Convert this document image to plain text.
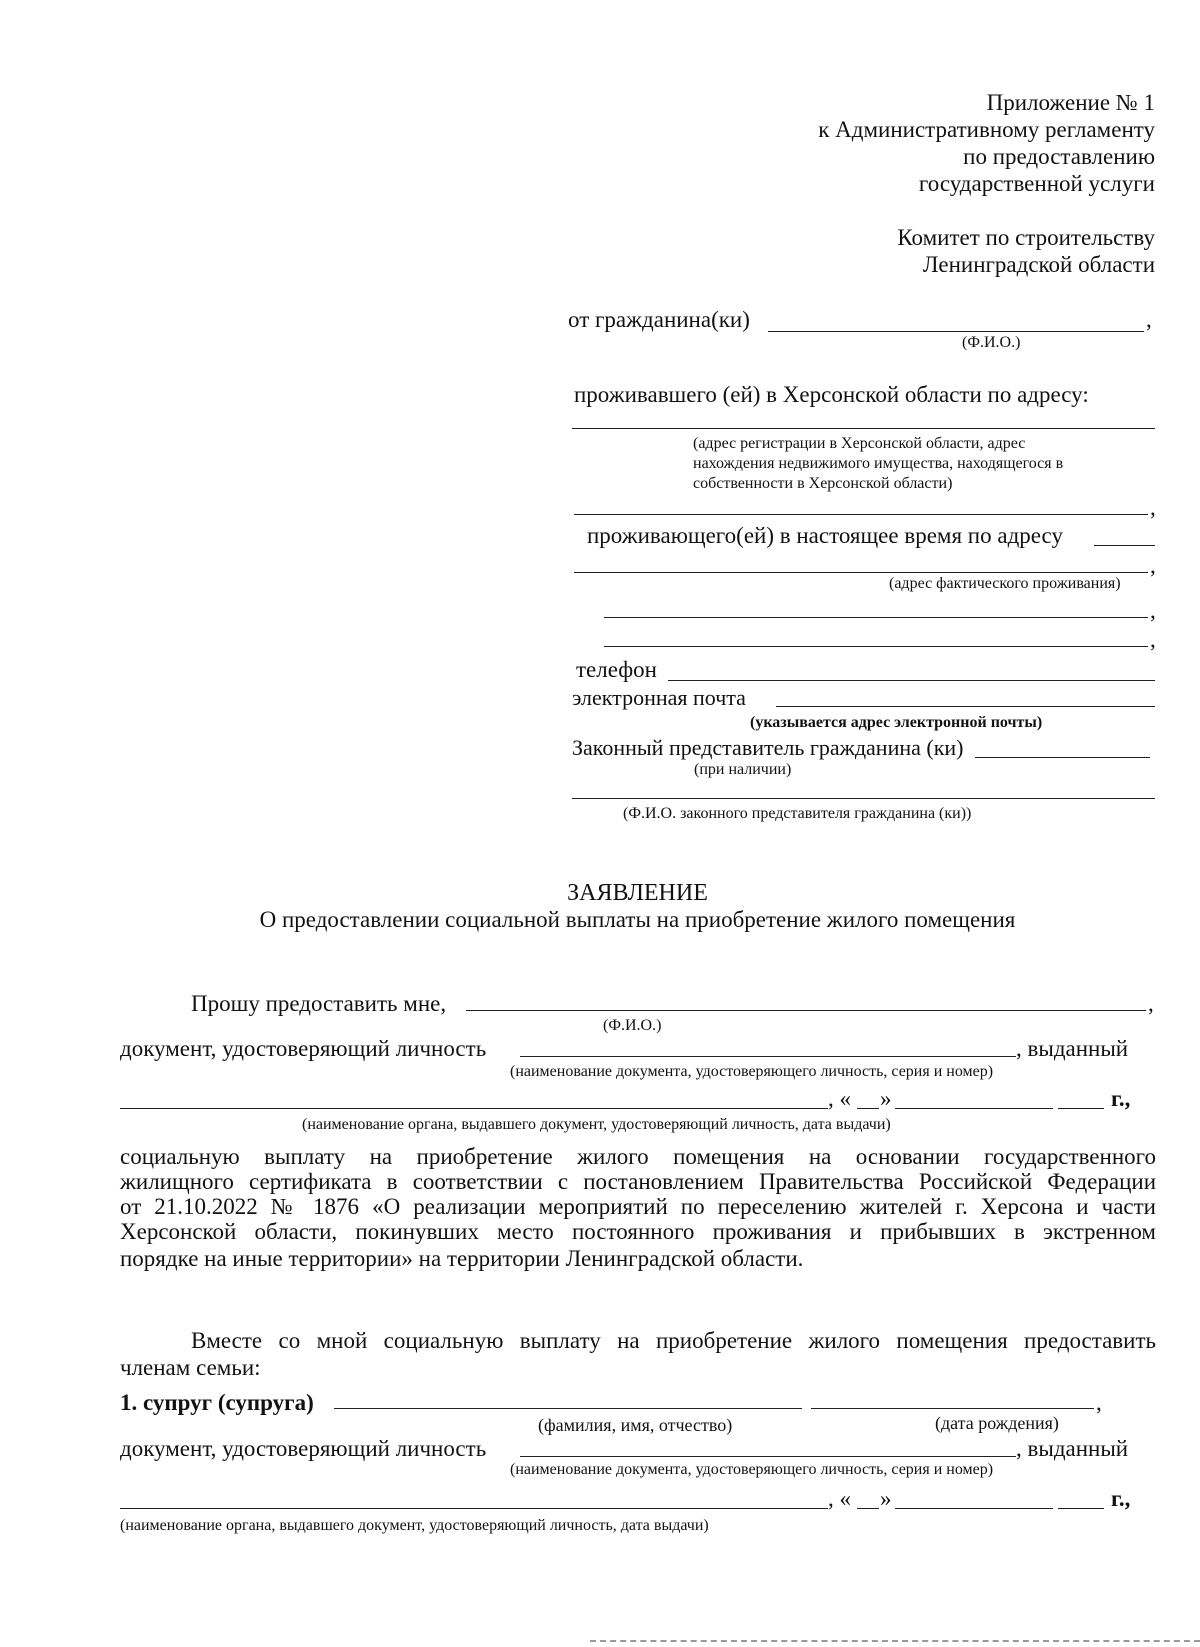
Приложение № 1
к Административному регламенту
по предоставлению
государственной услуги
Комитет по строительству
Ленинградской области
от гражданина(ки)	,
(Ф.И.О.)
проживавшего (ей) в Херсонской области по адресу:
(адрес регистрации в Херсонской области, адрес
нахождения недвижимого имущества, находящегося в
собственности в Херсонской области)
,
проживающего(ей) в настоящее время по адресу
,
(адрес фактического проживания)
,
,
телефон
электронная почта
(указывается адрес электронной почты)
Законный представитель гражданина (ки)
(при наличии)
(Ф.И.О. законного представителя гражданина (ки))
ЗАЯВЛЕНИЕ
О предоставлении социальной выплаты на приобретение жилого помещения
Прошу предоставить мне,	,
(Ф.И.О.)
документ, удостоверяющий личность	, выданный
(наименование документа, удостоверяющего личность, серия и номер)
, « »	г.,
(наименование органа, выдавшего документ, удостоверяющий личность, дата выдачи)
социальную выплату на приобретение жилого помещения на основании государственного
жилищного сертификата в соответствии с постановлением Правительства Российской Федерации
от 21.10.2022 № 1876 «О реализации мероприятий по переселению жителей г. Херсона и части
Херсонской области, покинувших место постоянного проживания и прибывших в экстренном
порядке на иные территории» на территории Ленинградской области.
Вместе со мной социальную выплату на приобретение жилого помещения предоставить
членам семьи:
1. супруг (супруга)	,
(фамилия, имя, отчество)	(дата рождения)
документ, удостоверяющий личность	, выданный
(наименование документа, удостоверяющего личность, серия и номер)
, « »	г.,
(наименование органа, выдавшего документ, удостоверяющий личность, дата выдачи)
